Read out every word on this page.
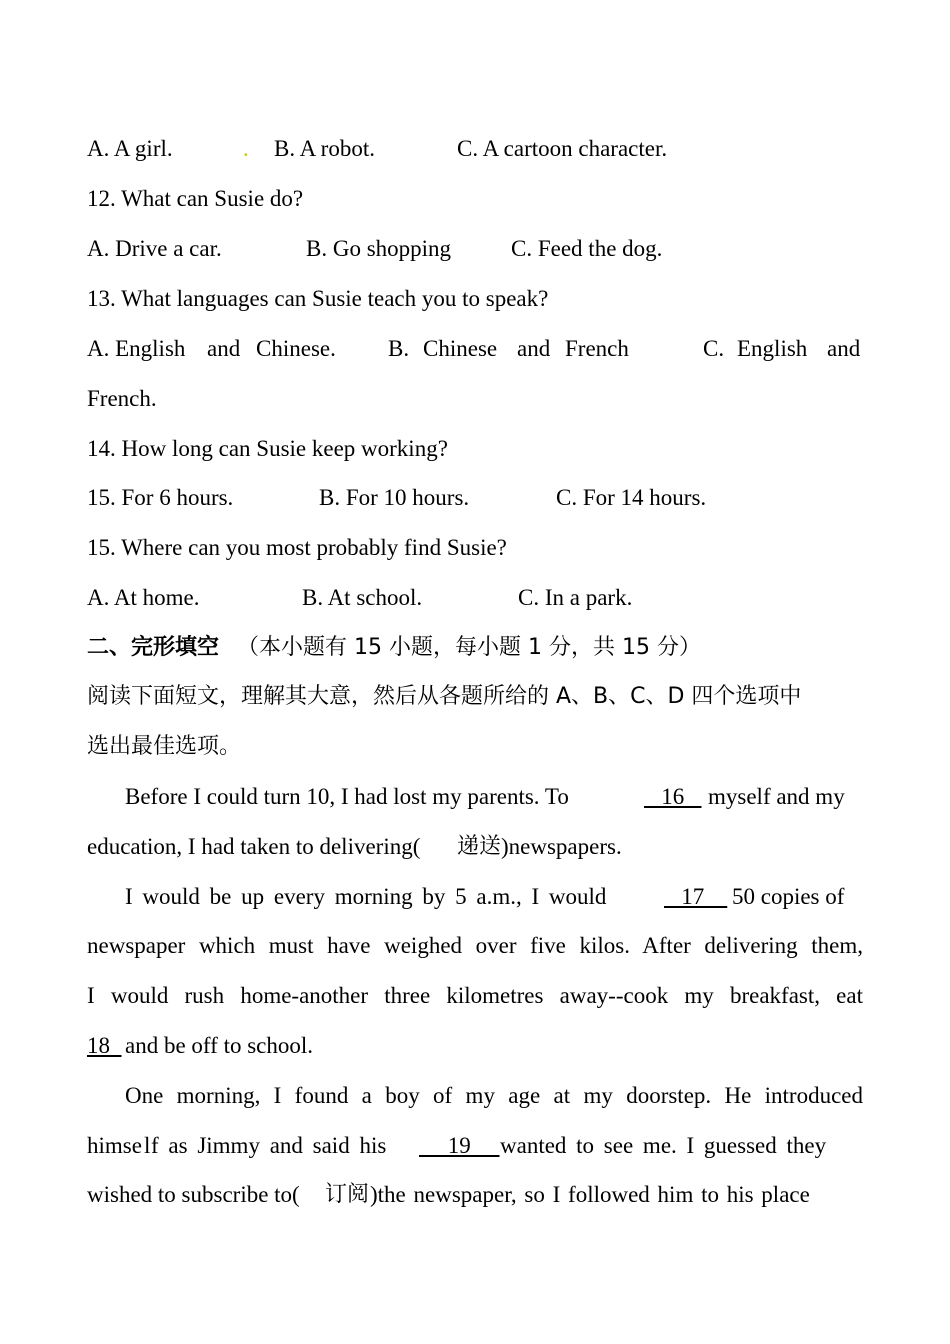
A. A girl.

	.

B. A robot.

	C. A cartoon character.

12. What can Susie do?

A. Drive a car.

	B. Go shopping

	C. Feed the dog.

13. What languages can Susie teach you to speak?

A. English

and

Chinese.

B.

Chinese

and

French

	C.

English

and

French.

14. How long can Susie keep working?

15. For 6 hours.

	B. For 10 hours.

	C. For 14 hours.

15. Where can you most probably find Susie?

A. At home.

	B. At school.

	C. In a park.

二、完形填空

（本小题有 15 小题，每小题 1 分，共 15 分）

阅读下面短文，理解其大意，然后从各题所给的 A、B、C、D 四个选项中

选出最佳选项。

Before I could turn 10, I had lost my parents. To

	16

myself and my

education, I had taken to delivering(

递送

)newspapers.

I would be up every morning by 5 a.m., I would

	17

50 copies of

newspaper which must have weighed over five kilos. After delivering them,
I would rush home-another three kilometres away--cook my breakfast, eat

18

and be off to school.

One morning, I found a boy of my age at my doorstep. He introduced

himse l

f as Jimmy and said his

19

wanted to see me. I guessed they

wished to subscribe to(

订阅

)the newspaper, so I followed him to his place
